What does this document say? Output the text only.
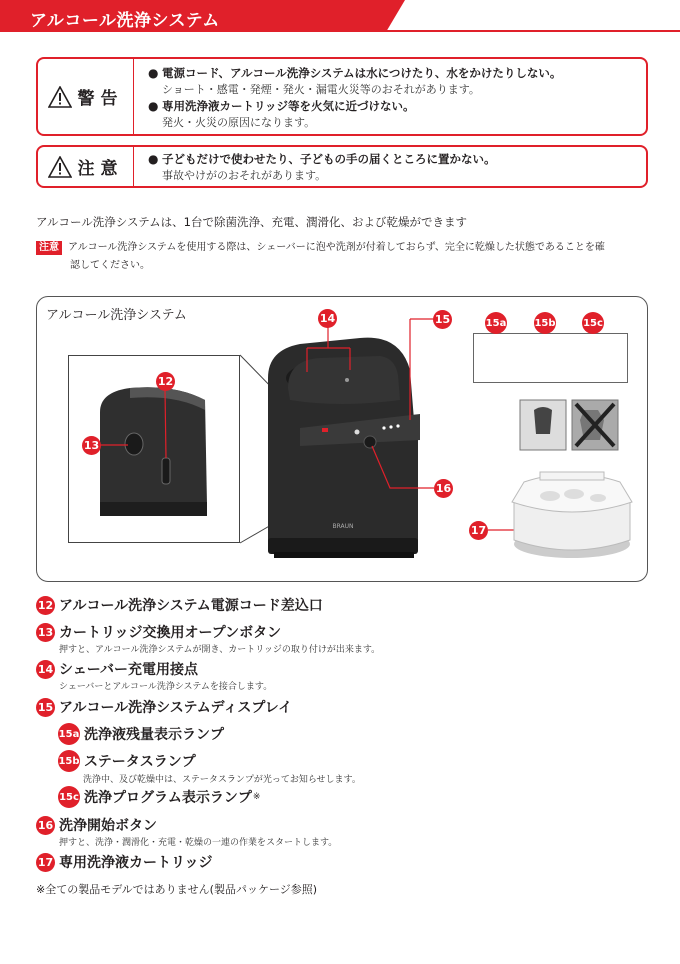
アルコール洗浄システム
警告
● 電源コード、アルコール洗浄システムは水につけたり、水をかけたりしない。
ショート・感電・発煙・発火・漏電火災等のおそれがあります。
● 専用洗浄液カートリッジ等を火気に近づけない。
発火・火災の原因になります。
注意 ● 子どもだけで使わせたり、子どもの手の届くところに置かない。
事故やけがのおそれがあります。
アルコール洗浄システムは、1台で除菌洗浄、充電、潤滑化、および乾燥ができます
注意 アルコール洗浄システムを使用する際は、シェーバーに泡や洗剤が付着しておらず、完全に乾燥した状態であることを確
認してください。
アルコール洗浄システム
BRAUN
14	15	15a	15b	15c
12
13
16
17
12 アルコール洗浄システム電源コード差込口
13 カートリッジ交換用オープンボタン
押すと、アルコール洗浄システムが開き、カートリッジの取り付けが出来ます。
14 シェーバー充電用接点
シェーバーとアルコール洗浄システムを接合します。
15 アルコール洗浄システムディスプレイ
15a 洗浄液残量表示ランプ
15b ステータスランプ
洗浄中、及び乾燥中は、ステータスランプが光ってお知らせします。
15c 洗浄プログラム表示ランプ ※
16 洗浄開始ボタン
押すと、洗浄・潤滑化・充電・乾燥の一連の作業をスタートします。
17 専用洗浄液カートリッジ
※全ての製品モデルではありません(製品パッケージ参照)
